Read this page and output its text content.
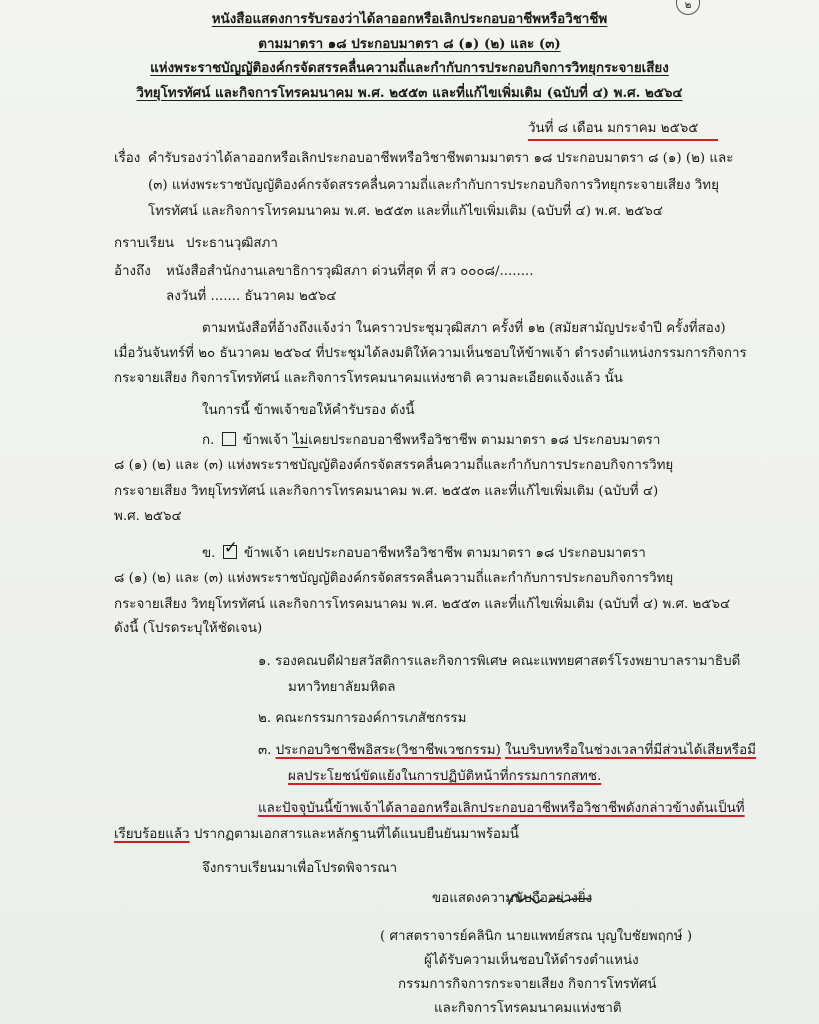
๒
หนังสือแสดงการรับรองว่าได้ลาออกหรือเลิกประกอบอาชีพหรือวิชาชีพ
ตามมาตรา ๑๘ ประกอบมาตรา ๘ (๑) (๒) และ (๓)
แห่งพระราชบัญญัติองค์กรจัดสรรคลื่นความถี่และกำกับการประกอบกิจการวิทยุกระจายเสียง
วิทยุโทรทัศน์ และกิจการโทรคมนาคม พ.ศ. ๒๕๕๓ และที่แก้ไขเพิ่มเติม (ฉบับที่ ๔) พ.ศ. ๒๕๖๔
วันที่ ๘ เดือน มกราคม ๒๕๖๕
เรื่อง คำรับรองว่าได้ลาออกหรือเลิกประกอบอาชีพหรือวิชาชีพตามมาตรา ๑๘ ประกอบมาตรา ๘ (๑) (๒) และ
(๓) แห่งพระราชบัญญัติองค์กรจัดสรรคลื่นความถี่และกำกับการประกอบกิจการวิทยุกระจายเสียง วิทยุ
โทรทัศน์ และกิจการโทรคมนาคม พ.ศ. ๒๕๕๓ และที่แก้ไขเพิ่มเติม (ฉบับที่ ๔) พ.ศ. ๒๕๖๔
กราบเรียน ประธานวุฒิสภา
อ้างถึง หนังสือสำนักงานเลขาธิการวุฒิสภา ด่วนที่สุด ที่ สว ๐๐๐๘/........
ลงวันที่ ....... ธันวาคม ๒๕๖๔
ตามหนังสือที่อ้างถึงแจ้งว่า ในคราวประชุมวุฒิสภา ครั้งที่ ๑๒ (สมัยสามัญประจำปี ครั้งที่สอง)
เมื่อวันจันทร์ที่ ๒๐ ธันวาคม ๒๕๖๔ ที่ประชุมได้ลงมติให้ความเห็นชอบให้ข้าพเจ้า ดำรงตำแหน่งกรรมการกิจการ
กระจายเสียง กิจการโทรทัศน์ และกิจการโทรคมนาคมแห่งชาติ ความละเอียดแจ้งแล้ว นั้น
ในการนี้ ข้าพเจ้าขอให้คำรับรอง ดังนี้
ก. ข้าพเจ้า ไม่เคยประกอบอาชีพหรือวิชาชีพ ตามมาตรา ๑๘ ประกอบมาตรา
๘ (๑) (๒) และ (๓) แห่งพระราชบัญญัติองค์กรจัดสรรคลื่นความถี่และกำกับการประกอบกิจการวิทยุ
กระจายเสียง วิทยุโทรทัศน์ และกิจการโทรคมนาคม พ.ศ. ๒๕๕๓ และที่แก้ไขเพิ่มเติม (ฉบับที่ ๔)
พ.ศ. ๒๕๖๔
ข. ✓ ข้าพเจ้า เคยประกอบอาชีพหรือวิชาชีพ ตามมาตรา ๑๘ ประกอบมาตรา
๘ (๑) (๒) และ (๓) แห่งพระราชบัญญัติองค์กรจัดสรรคลื่นความถี่และกำกับการประกอบกิจการวิทยุ
กระจายเสียง วิทยุโทรทัศน์ และกิจการโทรคมนาคม พ.ศ. ๒๕๕๓ และที่แก้ไขเพิ่มเติม (ฉบับที่ ๔) พ.ศ. ๒๕๖๔
ดังนี้ (โปรดระบุให้ชัดเจน)
๑. รองคณบดีฝ่ายสวัสดิการและกิจการพิเศษ คณะแพทยศาสตร์โรงพยาบาลรามาธิบดี
มหาวิทยาลัยมหิดล
๒. คณะกรรมการองค์การเภสัชกรรม
๓. ประกอบวิชาชีพอิสระ(วิชาชีพเวชกรรม) ในบริบทหรือในช่วงเวลาที่มีส่วนได้เสียหรือมี
ผลประโยชน์ขัดแย้งในการปฏิบัติหน้าที่กรรมการกสทช.
และปัจจุบันนี้ข้าพเจ้าได้ลาออกหรือเลิกประกอบอาชีพหรือวิชาชีพดังกล่าวข้างต้นเป็นที่
เรียบร้อยแล้ว ปรากฏตามเอกสารและหลักฐานที่ได้แนบยืนยันมาพร้อมนี้
จึงกราบเรียนมาเพื่อโปรดพิจารณา
ขอแสดงความนับถืออย่างยิ่ง
( ศาสตราจารย์คลินิก นายแพทย์สรณ บุญใบชัยพฤกษ์ )
ผู้ได้รับความเห็นชอบให้ดำรงตำแหน่ง
กรรมการกิจการกระจายเสียง กิจการโทรทัศน์
และกิจการโทรคมนาคมแห่งชาติ
